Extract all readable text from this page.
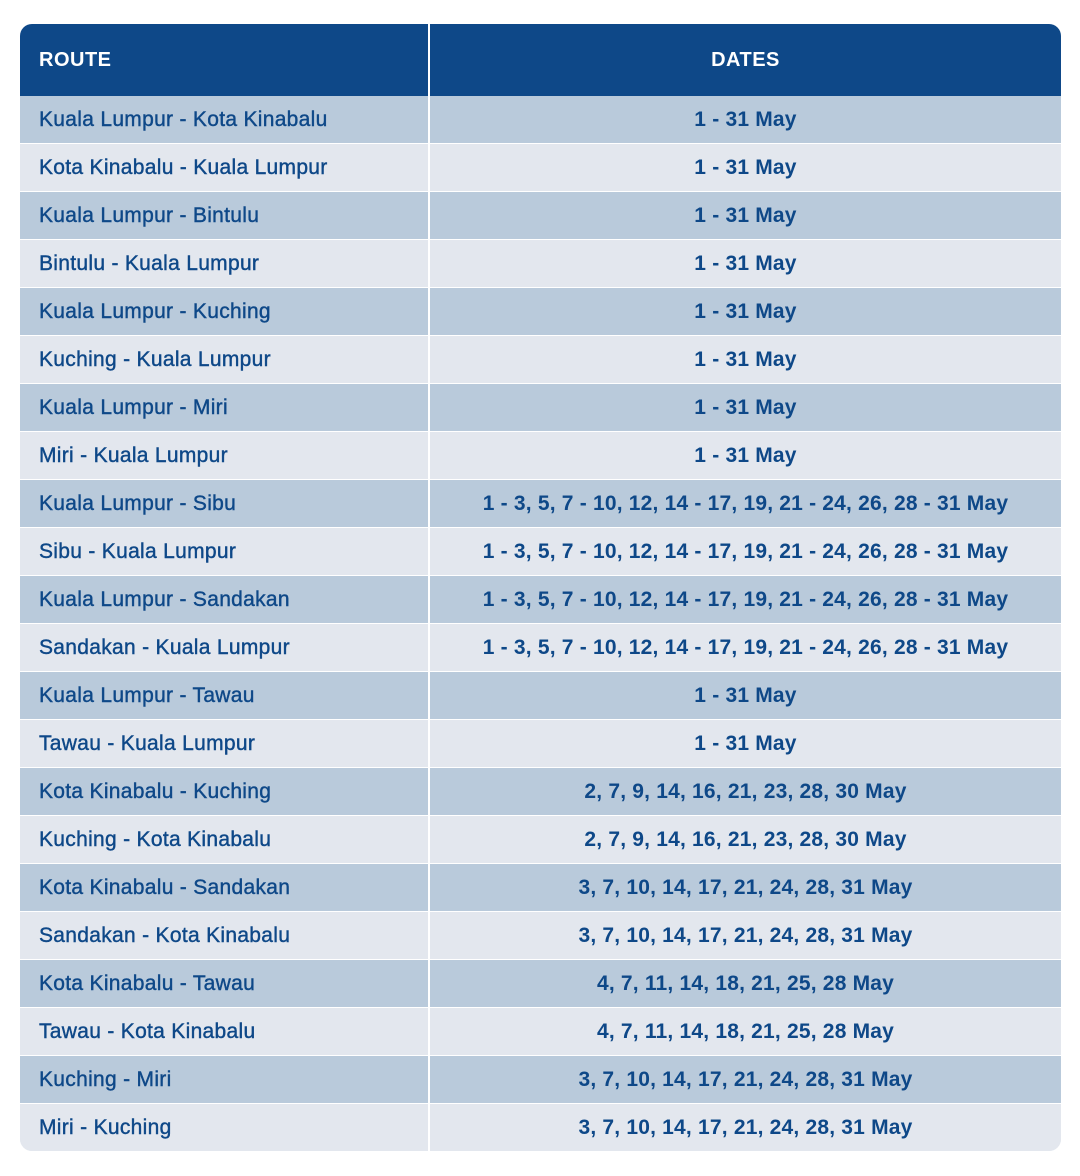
ROUTE	DATES
Kuala Lumpur - Kota Kinabalu	1 - 31 May
Kota Kinabalu - Kuala Lumpur	1 - 31 May
Kuala Lumpur - Bintulu	1 - 31 May
Bintulu - Kuala Lumpur	1 - 31 May
Kuala Lumpur - Kuching	1 - 31 May
Kuching - Kuala Lumpur	1 - 31 May
Kuala Lumpur - Miri	1 - 31 May
Miri - Kuala Lumpur	1 - 31 May
Kuala Lumpur - Sibu	1 - 3, 5, 7 - 10, 12, 14 - 17, 19, 21 - 24, 26, 28 - 31 May
Sibu - Kuala Lumpur	1 - 3, 5, 7 - 10, 12, 14 - 17, 19, 21 - 24, 26, 28 - 31 May
Kuala Lumpur - Sandakan	1 - 3, 5, 7 - 10, 12, 14 - 17, 19, 21 - 24, 26, 28 - 31 May
Sandakan - Kuala Lumpur	1 - 3, 5, 7 - 10, 12, 14 - 17, 19, 21 - 24, 26, 28 - 31 May
Kuala Lumpur - Tawau	1 - 31 May
Tawau - Kuala Lumpur	1 - 31 May
Kota Kinabalu - Kuching	2, 7, 9, 14, 16, 21, 23, 28, 30 May
Kuching - Kota Kinabalu	2, 7, 9, 14, 16, 21, 23, 28, 30 May
Kota Kinabalu - Sandakan	3, 7, 10, 14, 17, 21, 24, 28, 31 May
Sandakan - Kota Kinabalu	3, 7, 10, 14, 17, 21, 24, 28, 31 May
Kota Kinabalu - Tawau	4, 7, 11, 14, 18, 21, 25, 28 May
Tawau - Kota Kinabalu	4, 7, 11, 14, 18, 21, 25, 28 May
Kuching - Miri	3, 7, 10, 14, 17, 21, 24, 28, 31 May
Miri - Kuching	3, 7, 10, 14, 17, 21, 24, 28, 31 May
